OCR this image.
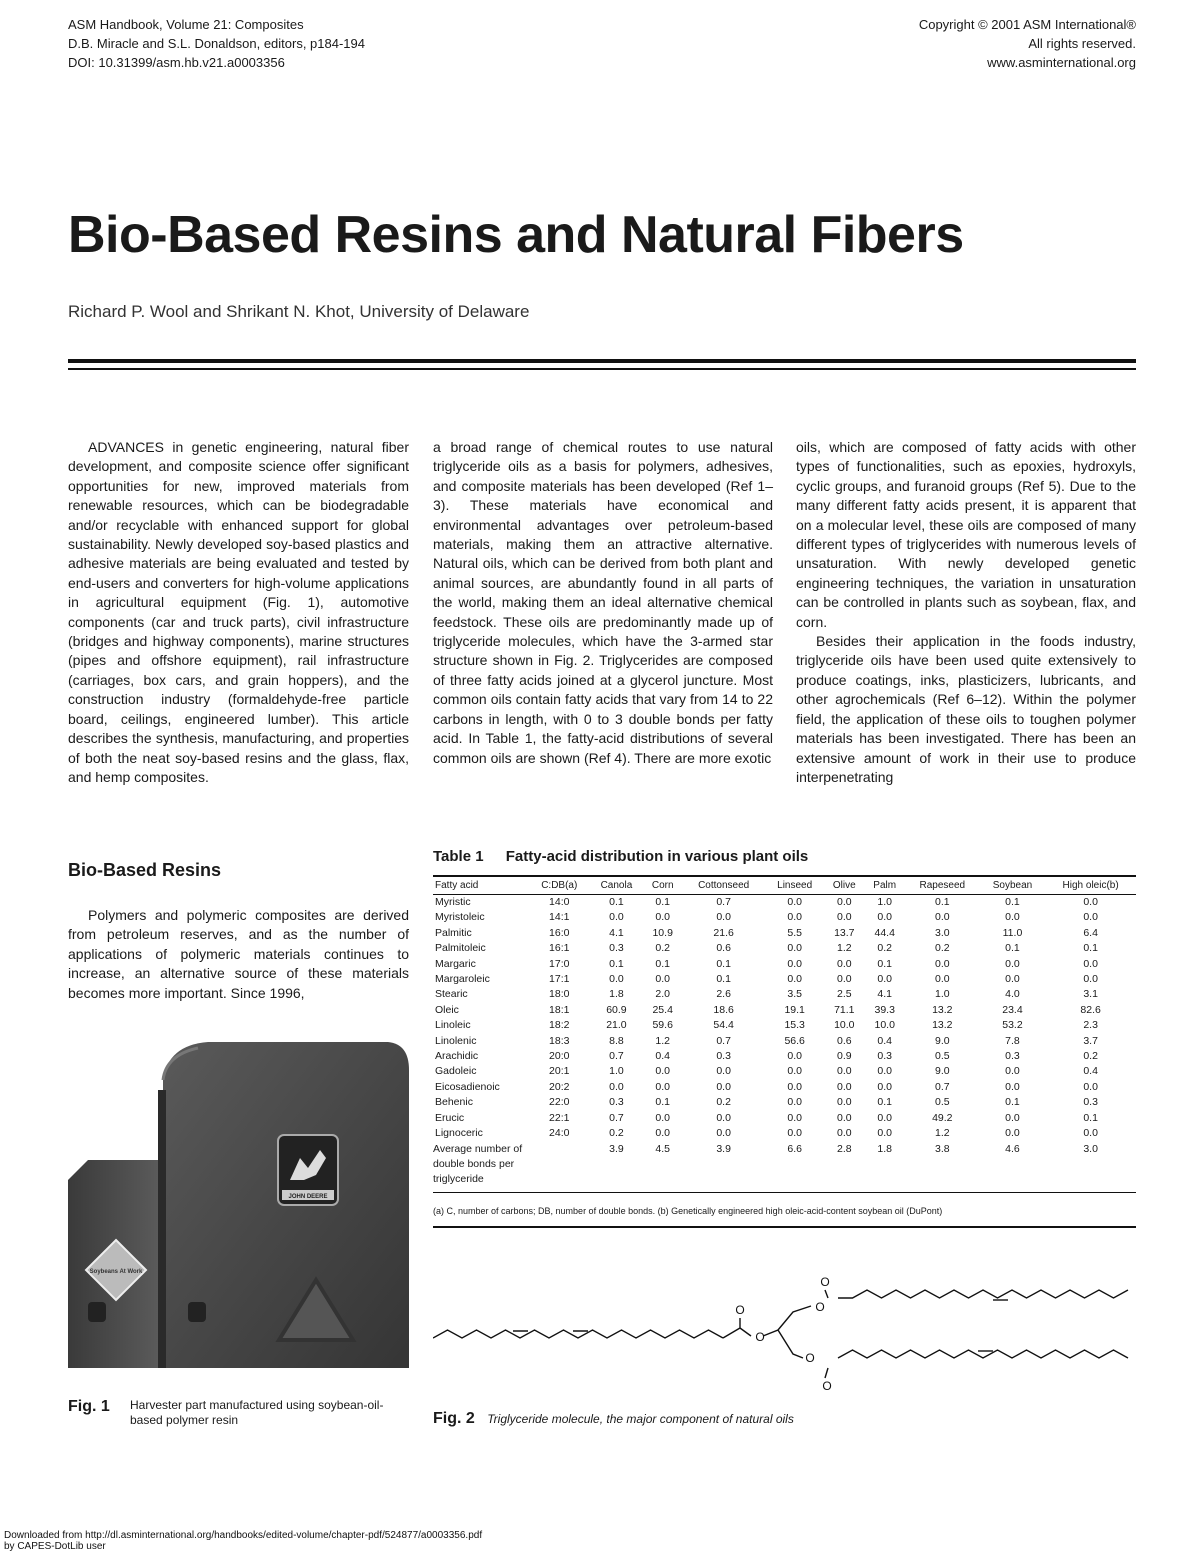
ASM Handbook, Volume 21: Composites
D.B. Miracle and S.L. Donaldson, editors, p184-194
DOI: 10.31399/asm.hb.v21.a0003356
Copyright © 2001 ASM International®
All rights reserved.
www.asminternational.org
Bio-Based Resins and Natural Fibers
Richard P. Wool and Shrikant N. Khot, University of Delaware

ADVANCES in genetic engineering, natural fiber development, and composite science offer significant opportunities for new, improved materials from renewable resources, which can be biodegradable and/or recyclable with enhanced support for global sustainability. Newly developed soy-based plastics and adhesive materials are being evaluated and tested by end-users and converters for high-volume applications in agricultural equipment (Fig. 1), automotive components (car and truck parts), civil infrastructure (bridges and highway components), marine structures (pipes and offshore equipment), rail infrastructure (carriages, box cars, and grain hoppers), and the construction industry (formaldehyde-free particle board, ceilings, engineered lumber). This article describes the synthesis, manufacturing, and properties of both the neat soy-based resins and the glass, flax, and hemp composites.

Bio-Based Resins

Polymers and polymeric composites are derived from petroleum reserves, and as the number of applications of polymeric materials continues to increase, an alternative source of these materials becomes more important. Since 1996,

a broad range of chemical routes to use natural triglyceride oils as a basis for polymers, adhesives, and composite materials has been developed (Ref 1–3). These materials have economical and environmental advantages over petroleum-based materials, making them an attractive alternative. Natural oils, which can be derived from both plant and animal sources, are abundantly found in all parts of the world, making them an ideal alternative chemical feedstock. These oils are predominantly made up of triglyceride molecules, which have the 3-armed star structure shown in Fig. 2. Triglycerides are composed of three fatty acids joined at a glycerol juncture. Most common oils contain fatty acids that vary from 14 to 22 carbons in length, with 0 to 3 double bonds per fatty acid. In Table 1, the fatty-acid distributions of several common oils are shown (Ref 4). There are more exotic

oils, which are composed of fatty acids with other types of functionalities, such as epoxies, hydroxyls, cyclic groups, and furanoid groups (Ref 5). Due to the many different fatty acids present, it is apparent that on a molecular level, these oils are composed of many different types of triglycerides with numerous levels of unsaturation. With newly developed genetic engineering techniques, the variation in unsaturation can be controlled in plants such as soybean, flax, and corn.

Besides their application in the foods industry, triglyceride oils have been used quite extensively to produce coatings, inks, plasticizers, lubricants, and other agrochemicals (Ref 6–12). Within the polymer field, the application of these oils to toughen polymer materials has been investigated. There has been an extensive amount of work in their use to produce interpenetrating

Table 1 Fatty-acid distribution in various plant oils
Fatty acid	C:DB(a)	Canola	Corn	Cottonseed	Linseed	Olive	Palm	Rapeseed	Soybean	High oleic(b)
Myristic	14:0	0.1	0.1	0.7	0.0	0.0	1.0	0.1	0.1	0.0
Myristoleic	14:1	0.0	0.0	0.0	0.0	0.0	0.0	0.0	0.0	0.0
Palmitic	16:0	4.1	10.9	21.6	5.5	13.7	44.4	3.0	11.0	6.4
Palmitoleic	16:1	0.3	0.2	0.6	0.0	1.2	0.2	0.2	0.1	0.1
Margaric	17:0	0.1	0.1	0.1	0.0	0.0	0.1	0.0	0.0	0.0
Margaroleic	17:1	0.0	0.0	0.1	0.0	0.0	0.0	0.0	0.0	0.0
Stearic	18:0	1.8	2.0	2.6	3.5	2.5	4.1	1.0	4.0	3.1
Oleic	18:1	60.9	25.4	18.6	19.1	71.1	39.3	13.2	23.4	82.6
Linoleic	18:2	21.0	59.6	54.4	15.3	10.0	10.0	13.2	53.2	2.3
Linolenic	18:3	8.8	1.2	0.7	56.6	0.6	0.4	9.0	7.8	3.7
Arachidic	20:0	0.7	0.4	0.3	0.0	0.9	0.3	0.5	0.3	0.2
Gadoleic	20:1	1.0	0.0	0.0	0.0	0.0	0.0	9.0	0.0	0.4
Eicosadienoic	20:2	0.0	0.0	0.0	0.0	0.0	0.0	0.7	0.0	0.0
Behenic	22:0	0.3	0.1	0.2	0.0	0.0	0.1	0.5	0.1	0.3
Erucic	22:1	0.7	0.0	0.0	0.0	0.0	0.0	49.2	0.0	0.1
Lignoceric	24:0	0.2	0.0	0.0	0.0	0.0	0.0	1.2	0.0	0.0
Average number of double bonds per triglyceride		3.9	4.5	3.9	6.6	2.8	1.8	3.8	4.6	3.0
(a) C, number of carbons; DB, number of double bonds. (b) Genetically engineered high oleic-acid-content soybean oil (DuPont)
JOHN DEERE
Soybeans At Work
Fig. 1 Harvester part manufactured using soybean-oil-based polymer resin
O
O
O
O
O
O
Fig. 2 Triglyceride molecule, the major component of natural oils
Downloaded from http://dl.asminternational.org/handbooks/edited-volume/chapter-pdf/524877/a0003356.pdf
by CAPES-DotLib user
